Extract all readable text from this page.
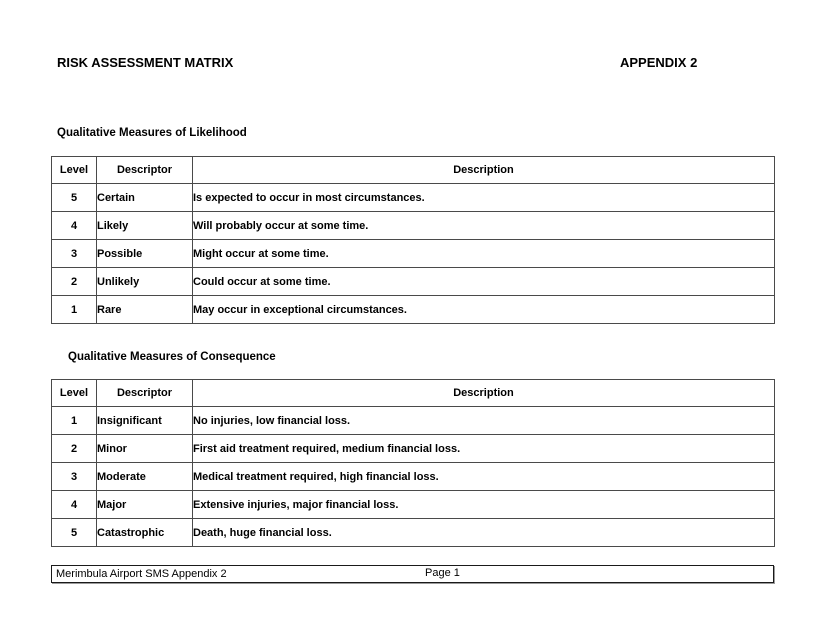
RISK ASSESSMENT MATRIX	APPENDIX 2
Qualitative Measures of Likelihood
Level	Descriptor	Description
5	Certain	Is expected to occur in most circumstances.
4	Likely	Will probably occur at some time.
3	Possible	Might occur at some time.
2	Unlikely	Could occur at some time.
1	Rare	May occur in exceptional circumstances.
Qualitative Measures of Consequence
Level	Descriptor	Description
1	Insignificant	No injuries, low financial loss.
2	Minor	First aid treatment required, medium financial loss.
3	Moderate	Medical treatment required, high financial loss.
4	Major	Extensive injuries, major financial loss.
5	Catastrophic	Death, huge financial loss.
Merimbula Airport SMS Appendix 2	Page 1
